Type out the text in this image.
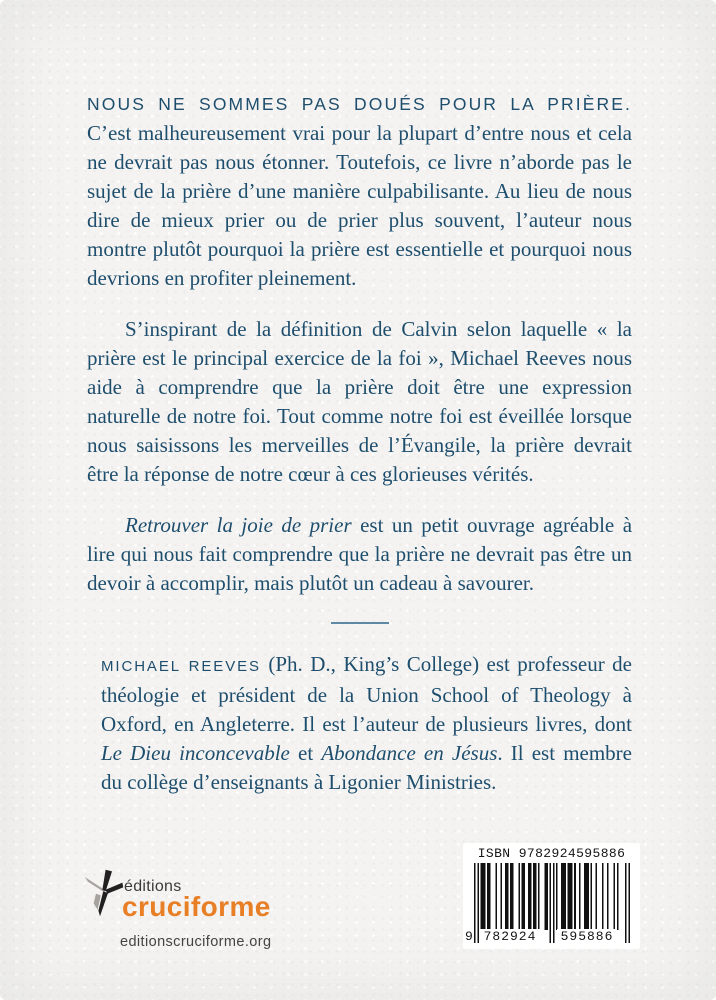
NOUS NE SOMMES PAS DOUÉS POUR LA PRIÈRE. C’est malheureusement vrai pour la plupart d’entre nous et cela ne devrait pas nous étonner. Toutefois, ce livre n’aborde pas le sujet de la prière d’une manière culpabilisante. Au lieu de nous dire de mieux prier ou de prier plus souvent, l’auteur nous montre plutôt pourquoi la prière est essentielle et pourquoi nous devrions en profiter pleinement.

S’inspirant de la définition de Calvin selon laquelle « la prière est le principal exercice de la foi », Michael Reeves nous aide à comprendre que la prière doit être une expression naturelle de notre foi. Tout comme notre foi est éveillée lorsque nous saisissons les merveilles de l’Évangile, la prière devrait être la réponse de notre cœur à ces glorieuses vérités.

Retrouver la joie de prier est un petit ouvrage agréable à lire qui nous fait comprendre que la prière ne devrait pas être un devoir à accomplir, mais plutôt un cadeau à savourer.

MICHAEL REEVES (Ph. D., King’s College) est professeur de théologie et président de la Union School of Theology à Oxford, en Angleterre. Il est l’auteur de plusieurs livres, dont Le Dieu inconcevable et Abondance en Jésus. Il est membre du collège d’enseignants à Ligonier Ministries.

éditions
cruciforme
editionscruciforme.org
ISBN 9782924595886
9 782924 595886
